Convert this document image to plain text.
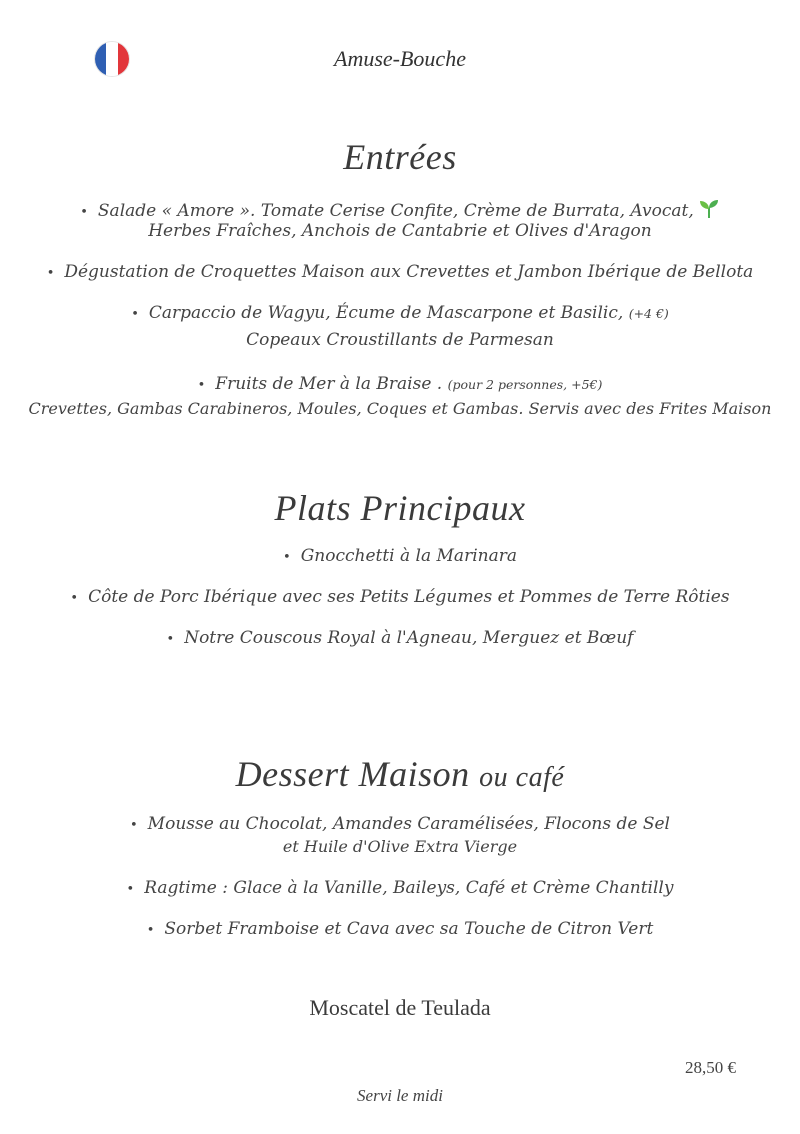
Amuse-Bouche
Entrées
• Salade « Amore ». Tomate Cerise Confite, Crème de Burrata, Avocat,
Herbes Fraîches, Anchois de Cantabrie et Olives d'Aragon
• Dégustation de Croquettes Maison aux Crevettes et Jambon Ibérique de Bellota
• Carpaccio de Wagyu, Écume de Mascarpone et Basilic, (+4 €)
Copeaux Croustillants de Parmesan
• Fruits de Mer à la Braise . (pour 2 personnes, +5€)
Crevettes, Gambas Carabineros, Moules, Coques et Gambas. Servis avec des Frites Maison
Plats Principaux
• Gnocchetti à la Marinara
• Côte de Porc Ibérique avec ses Petits Légumes et Pommes de Terre Rôties
• Notre Couscous Royal à l'Agneau, Merguez et Bœuf
Dessert Maison ou café
• Mousse au Chocolat, Amandes Caramélisées, Flocons de Sel
et Huile d'Olive Extra Vierge
• Ragtime : Glace à la Vanille, Baileys, Café et Crème Chantilly
• Sorbet Framboise et Cava avec sa Touche de Citron Vert
Moscatel de Teulada
28,50 €
Servi le midi
